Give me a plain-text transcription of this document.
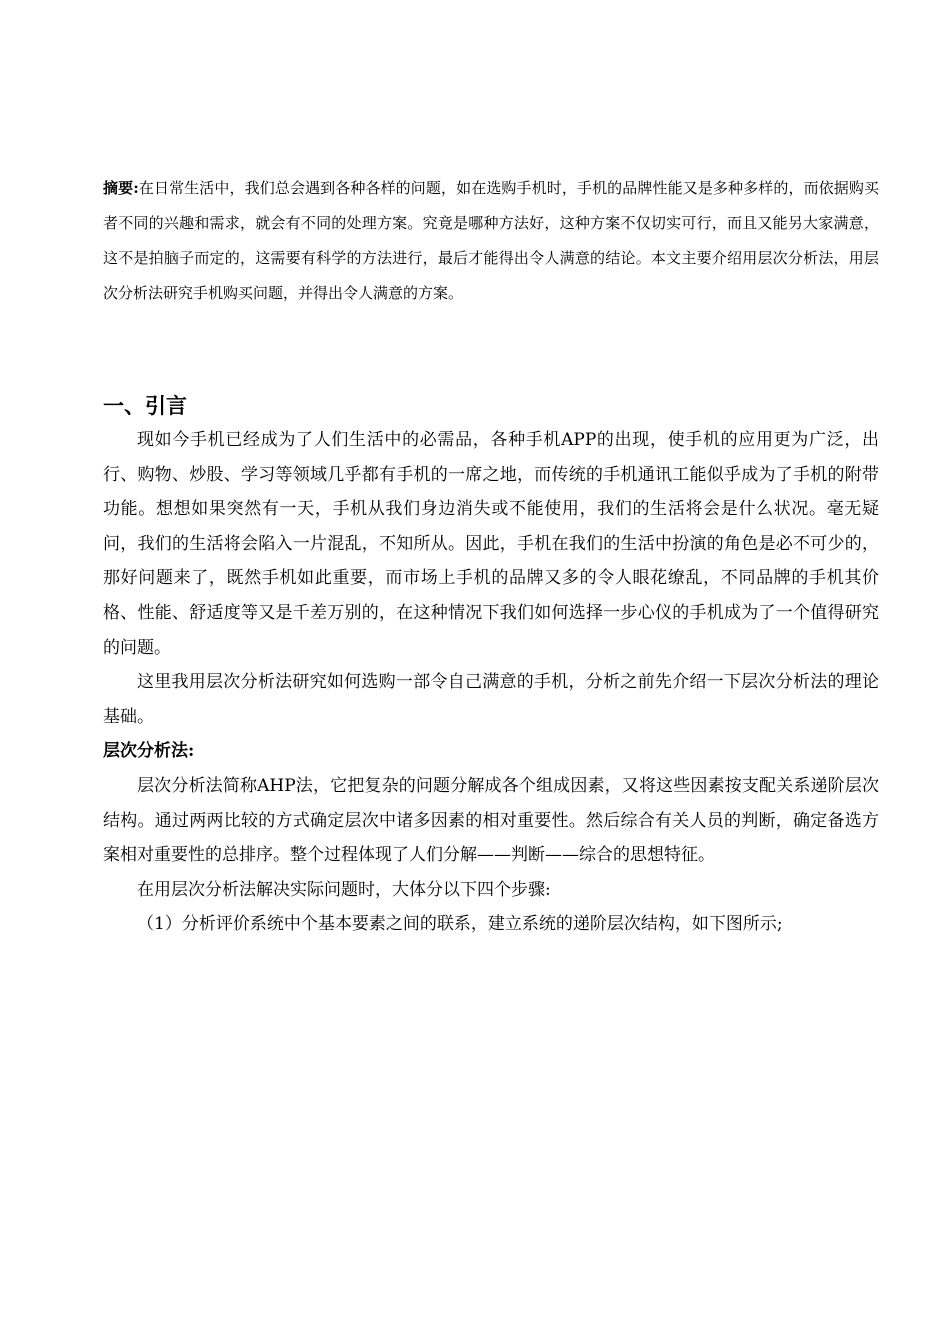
摘要:在日常生活中，我们总会遇到各种各样的问题，如在选购手机时，手机的品牌性能又是多种多样的，而依据购买者不同的兴趣和需求，就会有不同的处理方案。究竟是哪种方法好，这种方案不仅切实可行，而且又能另大家满意，这不是拍脑子而定的，这需要有科学的方法进行，最后才能得出令人满意的结论。本文主要介绍用层次分析法，用层次分析法研究手机购买问题，并得出令人满意的方案。

一、引言

现如今手机已经成为了人们生活中的必需品，各种手机APP的出现，使手机的应用更为广泛，出行、购物、炒股、学习等领域几乎都有手机的一席之地，而传统的手机通讯工能似乎成为了手机的附带功能。想想如果突然有一天，手机从我们身边消失或不能使用，我们的生活将会是什么状况。毫无疑问，我们的生活将会陷入一片混乱，不知所从。因此，手机在我们的生活中扮演的角色是必不可少的，那好问题来了，既然手机如此重要，而市场上手机的品牌又多的令人眼花缭乱，不同品牌的手机其价格、性能、舒适度等又是千差万别的，在这种情况下我们如何选择一步心仪的手机成为了一个值得研究的问题。

这里我用层次分析法研究如何选购一部令自己满意的手机，分析之前先介绍一下层次分析法的理论基础。

层次分析法:

层次分析法简称AHP法，它把复杂的问题分解成各个组成因素，又将这些因素按支配关系递阶层次结构。通过两两比较的方式确定层次中诸多因素的相对重要性。然后综合有关人员的判断，确定备选方案相对重要性的总排序。整个过程体现了人们分解——判断——综合的思想特征。

在用层次分析法解决实际问题时，大体分以下四个步骤:

（1）分析评价系统中个基本要素之间的联系，建立系统的递阶层次结构，如下图所示;
